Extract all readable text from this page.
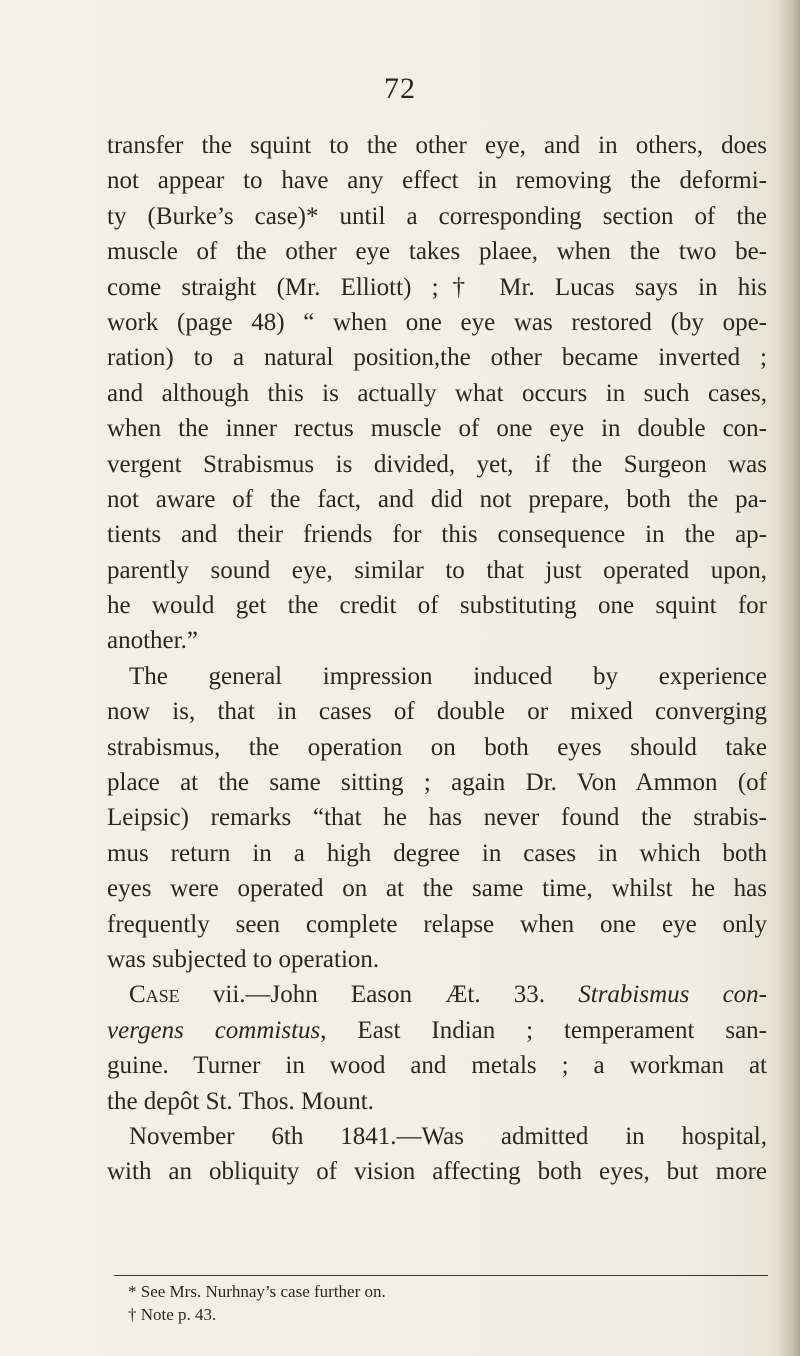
72
transfer the squint to the other eye, and in others, does
not appear to have any effect in removing the deformi-
ty (Burke’s case)* until a corresponding section of the
muscle of the other eye takes plaee, when the two be-
come straight (Mr. Elliott) ;† Mr. Lucas says in his
work (page 48) “ when one eye was restored (by ope-
ration) to a natural position,the other became inverted ;
and although this is actually what occurs in such cases,
when the inner rectus muscle of one eye in double con-
vergent Strabismus is divided, yet, if the Surgeon was
not aware of the fact, and did not prepare, both the pa-
tients and their friends for this consequence in the ap-
parently sound eye, similar to that just operated upon,
he would get the credit of substituting one squint for
another.”
The general impression induced by experience
now is, that in cases of double or mixed converging
strabismus, the operation on both eyes should take
place at the same sitting ; again Dr. Von Ammon (of
Leipsic) remarks “that he has never found the strabis-
mus return in a high degree in cases in which both
eyes were operated on at the same time, whilst he has
frequently seen complete relapse when one eye only
was subjected to operation.
Case vii.—John Eason Æt. 33. Strabismus con-
vergens commistus, East Indian ; temperament san-
guine. Turner in wood and metals ; a workman at
the depôt St. Thos. Mount.
November 6th 1841.—Was admitted in hospital,
with an obliquity of vision affecting both eyes, but more
* See Mrs. Nurhnay’s case further on.
† Note p. 43.
